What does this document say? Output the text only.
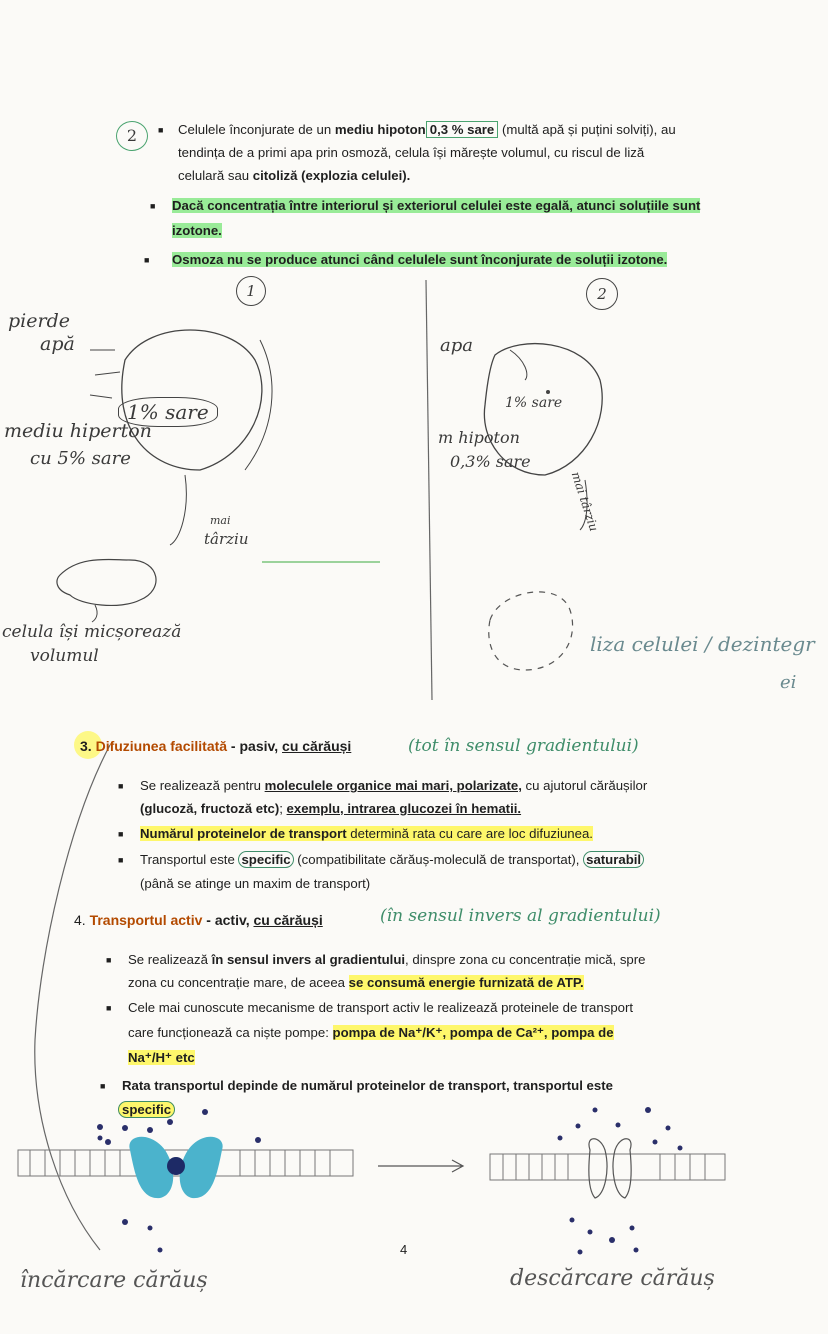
2	■ Celulele înconjurate de un mediu hipoton 0,3 % sare (multă apă și puțini solviți), au
tendința de a primi apa prin osmoză, celula își mărește volumul, cu riscul de liză
celulară sau citoliză (explozia celulei).
■ Dacă concentrația între interiorul și exteriorul celulei este egală, atunci soluțiile sunt
izotone.
■ Osmoza nu se produce atunci când celulele sunt înconjurate de soluții izotone.
1	2
pierde
apă
1% sare
mediu hiperton
cu 5% sare
mai
târziu
celula își micșorează
volumul
apa
1% sare
m hipoton
0,3% sare
mai târziu
liza celulei / dezintegr
ei
3. Difuziunea facilitată - pasiv, cu cărăuși	(tot în sensul gradientului)
■ Se realizează pentru moleculele organice mai mari, polarizate, cu ajutorul cărăușilor
(glucoză, fructoză etc); exemplu, intrarea glucozei în hematii.
■ Numărul proteinelor de transport determină rata cu care are loc difuziunea.
■ Transportul este specific (compatibilitate cărăuș-moleculă de transportat), saturabil
(până se atinge un maxim de transport)
4. Transportul activ - activ, cu cărăuși	(în sensul invers al gradientului)
■ Se realizează în sensul invers al gradientului, dinspre zona cu concentrație mică, spre
zona cu concentrație mare, de aceea se consumă energie furnizată de ATP.
■ Cele mai cunoscute mecanisme de transport activ le realizează proteinele de transport
care funcționează ca niște pompe: pompa de Na⁺/K⁺, pompa de Ca²⁺, pompa de
Na⁺/H⁺ etc
■ Rata transportul depinde de numărul proteinelor de transport, transportul este
specific
încărcare cărăuș	descărcare cărăuș
4
